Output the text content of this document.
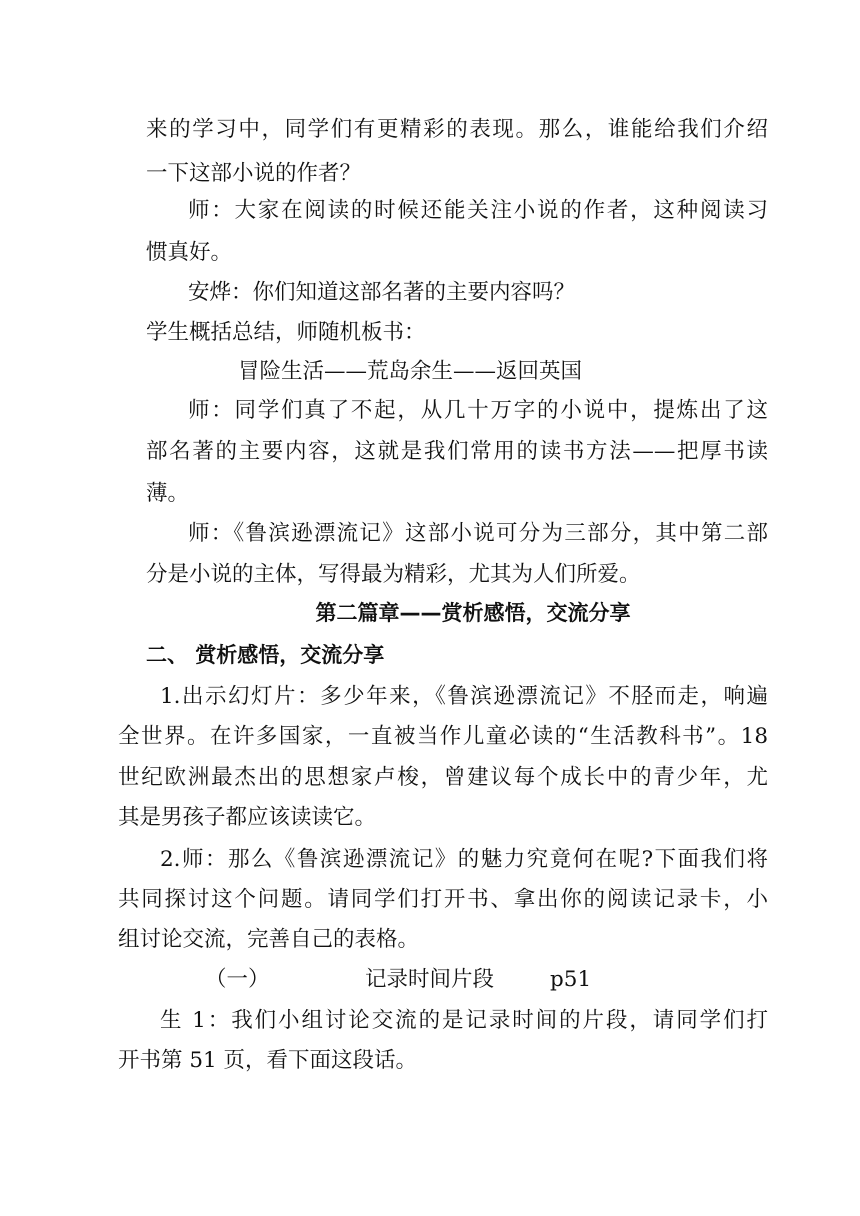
来的学习中，同学们有更精彩的表现。那么，谁能给我们介绍
一下这部小说的作者？
师：大家在阅读的时候还能关注小说的作者，这种阅读习
惯真好。
安烨：你们知道这部名著的主要内容吗？
学生概括总结，师随机板书：
冒险生活——荒岛余生——返回英国
师：同学们真了不起，从几十万字的小说中，提炼出了这
部名著的主要内容，这就是我们常用的读书方法——把厚书读
薄。
师：《鲁滨逊漂流记》这部小说可分为三部分，其中第二部
分是小说的主体，写得最为精彩，尤其为人们所爱。
第二篇章——赏析感悟，交流分享
二、 赏析感悟，交流分享
1.出示幻灯片：多少年来，《鲁滨逊漂流记》不胫而走，响遍
全世界。在许多国家，一直被当作儿童必读的“生活教科书”。18
世纪欧洲最杰出的思想家卢梭，曾建议每个成长中的青少年，尤
其是男孩子都应该读读它。
2.师：那么《鲁滨逊漂流记》的魅力究竟何在呢?下面我们将
共同探讨这个问题。请同学们打开书、拿出你的阅读记录卡，小
组讨论交流，完善自己的表格。
（一）	记录时间片段	p51
生 1：我们小组讨论交流的是记录时间的片段，请同学们打
开书第 51 页，看下面这段话。
